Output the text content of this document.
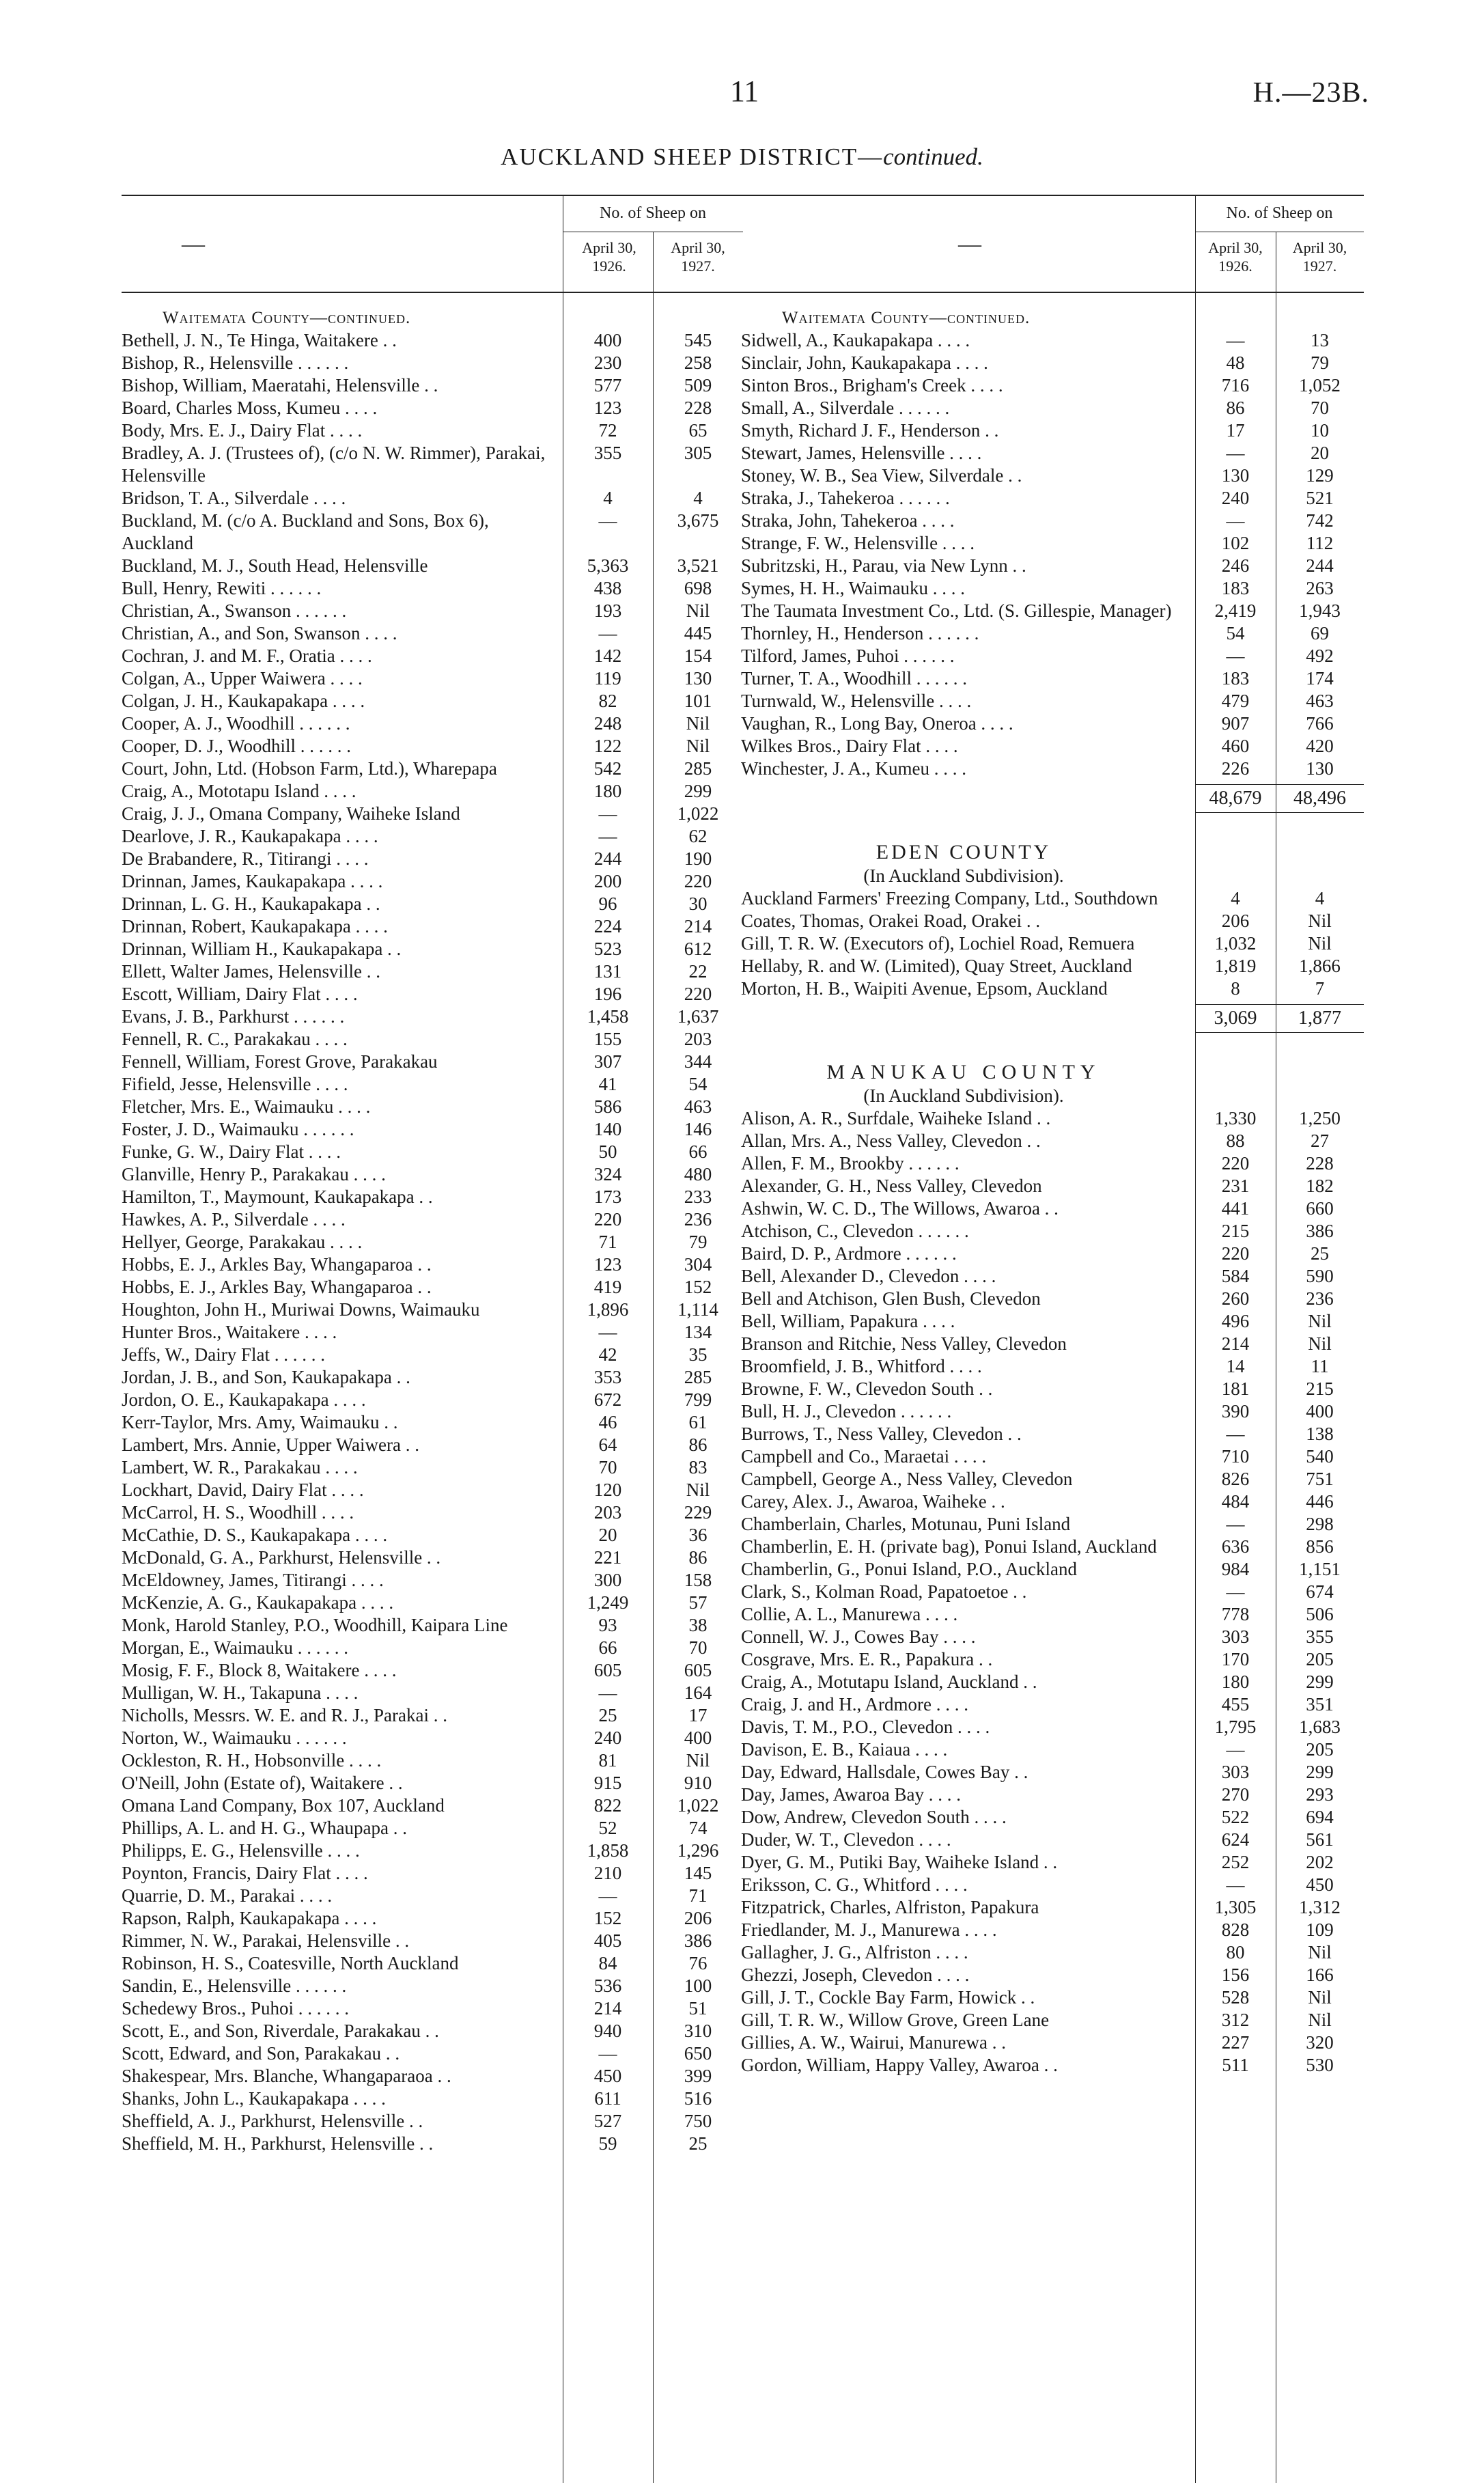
11	H.—23B.
AUCKLAND SHEEP DISTRICT—continued.
—
No. of Sheep on
April 30, 1926.
April 30, 1927.
Waitemata County—continued.
Bethell, J. N., Te Hinga, Waitakere . .	400	545
Bishop, R., Helensville . . . . . .	230	258
Bishop, William, Maeratahi, Helensville . .	577	509
Board, Charles Moss, Kumeu . . . .	123	228
Body, Mrs. E. J., Dairy Flat . . . .	72	65
Bradley, A. J. (Trustees of), (c/o N. W. Rimmer), Parakai, Helensville
355	305
Bridson, T. A., Silverdale . . . .	4	4
Buckland, M. (c/o A. Buckland and Sons, Box 6), Auckland
—	3,675
Buckland, M. J., South Head, Helensville	5,363	3,521
Bull, Henry, Rewiti . . . . . .	438	698
Christian, A., Swanson . . . . . .	193	Nil
Christian, A., and Son, Swanson . . . .	—	445
Cochran, J. and M. F., Oratia . . . .	142	154
Colgan, A., Upper Waiwera . . . .	119	130
Colgan, J. H., Kaukapakapa . . . .	82	101
Cooper, A. J., Woodhill . . . . . .	248	Nil
Cooper, D. J., Woodhill . . . . . .	122	Nil
Court, John, Ltd. (Hobson Farm, Ltd.), Wharepapa	542	285
Craig, A., Mototapu Island . . . .	180	299
Craig, J. J., Omana Company, Waiheke Island	—	1,022
Dearlove, J. R., Kaukapakapa . . . .	—	62
De Brabandere, R., Titirangi . . . .	244	190
Drinnan, James, Kaukapakapa . . . .	200	220
Drinnan, L. G. H., Kaukapakapa . .	96	30
Drinnan, Robert, Kaukapakapa . . . .	224	214
Drinnan, William H., Kaukapakapa . .	523	612
Ellett, Walter James, Helensville . .	131	22
Escott, William, Dairy Flat . . . .	196	220
Evans, J. B., Parkhurst . . . . . .	1,458	1,637
Fennell, R. C., Parakakau . . . .	155	203
Fennell, William, Forest Grove, Parakakau	307	344
Fifield, Jesse, Helensville . . . .	41	54
Fletcher, Mrs. E., Waimauku . . . .	586	463
Foster, J. D., Waimauku . . . . . .	140	146
Funke, G. W., Dairy Flat . . . .	50	66
Glanville, Henry P., Parakakau . . . .	324	480
Hamilton, T., Maymount, Kaukapakapa . .	173	233
Hawkes, A. P., Silverdale . . . .	220	236
Hellyer, George, Parakakau . . . .	71	79
Hobbs, E. J., Arkles Bay, Whangaparoa . .	123	304
Hobbs, E. J., Arkles Bay, Whangaparoa . .	419	152
Houghton, John H., Muriwai Downs, Waimauku	1,896	1,114
Hunter Bros., Waitakere . . . .	—	134
Jeffs, W., Dairy Flat . . . . . .	42	35
Jordan, J. B., and Son, Kaukapakapa . .	353	285
Jordon, O. E., Kaukapakapa . . . .	672	799
Kerr-Taylor, Mrs. Amy, Waimauku . .	46	61
Lambert, Mrs. Annie, Upper Waiwera . .	64	86
Lambert, W. R., Parakakau . . . .	70	83
Lockhart, David, Dairy Flat . . . .	120	Nil
McCarrol, H. S., Woodhill . . . .	203	229
McCathie, D. S., Kaukapakapa . . . .	20	36
McDonald, G. A., Parkhurst, Helensville . .	221	86
McEldowney, James, Titirangi . . . .	300	158
McKenzie, A. G., Kaukapakapa . . . .	1,249	57
Monk, Harold Stanley, P.O., Woodhill, Kaipara Line	93	38
Morgan, E., Waimauku . . . . . .	66	70
Mosig, F. F., Block 8, Waitakere . . . .	605	605
Mulligan, W. H., Takapuna . . . .	—	164
Nicholls, Messrs. W. E. and R. J., Parakai . .	25	17
Norton, W., Waimauku . . . . . .	240	400
Ockleston, R. H., Hobsonville . . . .	81	Nil
O'Neill, John (Estate of), Waitakere . .	915	910
Omana Land Company, Box 107, Auckland	822	1,022
Phillips, A. L. and H. G., Whaupapa . .	52	74
Philipps, E. G., Helensville . . . .	1,858	1,296
Poynton, Francis, Dairy Flat . . . .	210	145
Quarrie, D. M., Parakai . . . .	—	71
Rapson, Ralph, Kaukapakapa . . . .	152	206
Rimmer, N. W., Parakai, Helensville . .	405	386
Robinson, H. S., Coatesville, North Auckland	84	76
Sandin, E., Helensville . . . . . .	536	100
Schedewy Bros., Puhoi . . . . . .	214	51
Scott, E., and Son, Riverdale, Parakakau . .	940	310
Scott, Edward, and Son, Parakakau . .	—	650
Shakespear, Mrs. Blanche, Whangaparaoa . .	450	399
Shanks, John L., Kaukapakapa . . . .	611	516
Sheffield, A. J., Parkhurst, Helensville . .	527	750
Sheffield, M. H., Parkhurst, Helensville . .	59	25
—
No. of Sheep on
April 30, 1926.
April 30, 1927.
Waitemata County—continued.
Sidwell, A., Kaukapakapa . . . .	—	13
Sinclair, John, Kaukapakapa . . . .	48	79
Sinton Bros., Brigham's Creek . . . .	716	1,052
Small, A., Silverdale . . . . . .	86	70
Smyth, Richard J. F., Henderson . .	17	10
Stewart, James, Helensville . . . .	—	20
Stoney, W. B., Sea View, Silverdale . .	130	129
Straka, J., Tahekeroa . . . . . .	240	521
Straka, John, Tahekeroa . . . .	—	742
Strange, F. W., Helensville . . . .	102	112
Subritzski, H., Parau, via New Lynn . .	246	244
Symes, H. H., Waimauku . . . .	183	263
The Taumata Investment Co., Ltd. (S. Gillespie, Manager)	2,419	1,943
Thornley, H., Henderson . . . . . .	54	69
Tilford, James, Puhoi . . . . . .	—	492
Turner, T. A., Woodhill . . . . . .	183	174
Turnwald, W., Helensville . . . .	479	463
Vaughan, R., Long Bay, Oneroa . . . .	907	766
Wilkes Bros., Dairy Flat . . . .	460	420
Winchester, J. A., Kumeu . . . .	226	130
48,679	48,496
EDEN COUNTY
(In Auckland Subdivision).
Auckland Farmers' Freezing Company, Ltd., Southdown	4	4
Coates, Thomas, Orakei Road, Orakei . .	206	Nil
Gill, T. R. W. (Executors of), Lochiel Road, Remuera	1,032	Nil
Hellaby, R. and W. (Limited), Quay Street, Auckland	1,819	1,866
Morton, H. B., Waipiti Avenue, Epsom, Auckland	8	7
3,069	1,877
MANUKAU COUNTY
(In Auckland Subdivision).
Alison, A. R., Surfdale, Waiheke Island . .	1,330	1,250
Allan, Mrs. A., Ness Valley, Clevedon . .	88	27
Allen, F. M., Brookby . . . . . .	220	228
Alexander, G. H., Ness Valley, Clevedon	231	182
Ashwin, W. C. D., The Willows, Awaroa . .	441	660
Atchison, C., Clevedon . . . . . .	215	386
Baird, D. P., Ardmore . . . . . .	220	25
Bell, Alexander D., Clevedon . . . .	584	590
Bell and Atchison, Glen Bush, Clevedon	260	236
Bell, William, Papakura . . . .	496	Nil
Branson and Ritchie, Ness Valley, Clevedon	214	Nil
Broomfield, J. B., Whitford . . . .	14	11
Browne, F. W., Clevedon South . .	181	215
Bull, H. J., Clevedon . . . . . .	390	400
Burrows, T., Ness Valley, Clevedon . .	—	138
Campbell and Co., Maraetai . . . .	710	540
Campbell, George A., Ness Valley, Clevedon	826	751
Carey, Alex. J., Awaroa, Waiheke . .	484	446
Chamberlain, Charles, Motunau, Puni Island	—	298
Chamberlin, E. H. (private bag), Ponui Island, Auckland	636	856
Chamberlin, G., Ponui Island, P.O., Auckland	984	1,151
Clark, S., Kolman Road, Papatoetoe . .	—	674
Collie, A. L., Manurewa . . . .	778	506
Connell, W. J., Cowes Bay . . . .	303	355
Cosgrave, Mrs. E. R., Papakura . .	170	205
Craig, A., Motutapu Island, Auckland . .	180	299
Craig, J. and H., Ardmore . . . .	455	351
Davis, T. M., P.O., Clevedon . . . .	1,795	1,683
Davison, E. B., Kaiaua . . . .	—	205
Day, Edward, Hallsdale, Cowes Bay . .	303	299
Day, James, Awaroa Bay . . . .	270	293
Dow, Andrew, Clevedon South . . . .	522	694
Duder, W. T., Clevedon . . . .	624	561
Dyer, G. M., Putiki Bay, Waiheke Island . .	252	202
Eriksson, C. G., Whitford . . . .	—	450
Fitzpatrick, Charles, Alfriston, Papakura	1,305	1,312
Friedlander, M. J., Manurewa . . . .	828	109
Gallagher, J. G., Alfriston . . . .	80	Nil
Ghezzi, Joseph, Clevedon . . . .	156	166
Gill, J. T., Cockle Bay Farm, Howick . .	528	Nil
Gill, T. R. W., Willow Grove, Green Lane	312	Nil
Gillies, A. W., Wairui, Manurewa . .	227	320
Gordon, William, Happy Valley, Awaroa . .	511	530
